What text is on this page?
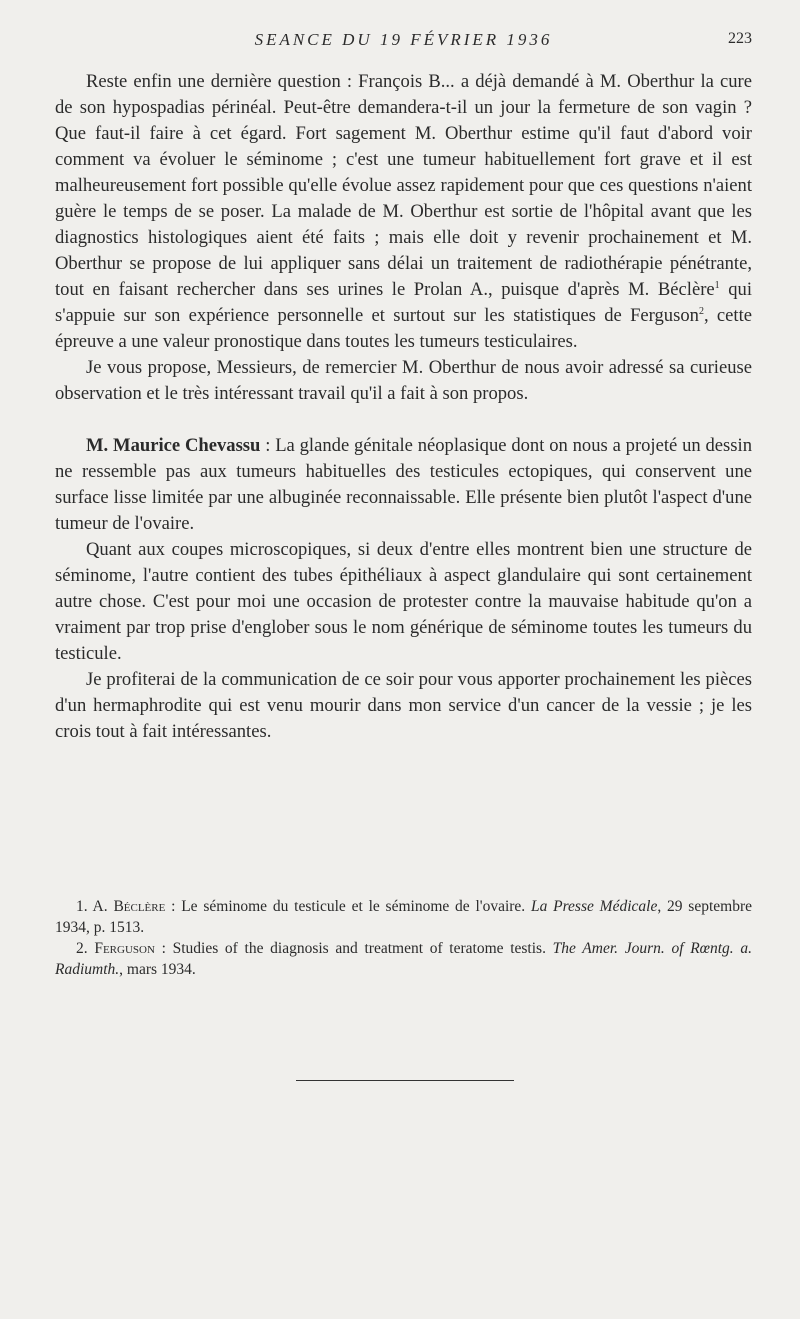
SEANCE DU 19 FÉVRIER 1936	223

Reste enfin une dernière question : François B... a déjà demandé à M. Oberthur la cure de son hypospadias périnéal. Peut-être demandera-t-il un jour la fermeture de son vagin ? Que faut-il faire à cet égard. Fort sagement M. Oberthur estime qu'il faut d'abord voir comment va évoluer le séminome ; c'est une tumeur habituellement fort grave et il est malheureusement fort possible qu'elle évolue assez rapidement pour que ces questions n'aient guère le temps de se poser. La malade de M. Oberthur est sortie de l'hôpital avant que les diagnostics histologiques aient été faits ; mais elle doit y revenir prochainement et M. Oberthur se propose de lui appliquer sans délai un traitement de radiothérapie pénétrante, tout en faisant rechercher dans ses urines le Prolan A., puisque d'après M. Béclère$^1$ qui s'appuie sur son expérience personnelle et surtout sur les statistiques de Ferguson$^2$, cette épreuve a une valeur pronostique dans toutes les tumeurs testiculaires.

Je vous propose, Messieurs, de remercier M. Oberthur de nous avoir adressé sa curieuse observation et le très intéressant travail qu'il a fait à son propos.

M. Maurice Chevassu : La glande génitale néoplasique dont on nous a projeté un dessin ne ressemble pas aux tumeurs habituelles des testicules ectopiques, qui conservent une surface lisse limitée par une albuginée reconnaissable. Elle présente bien plutôt l'aspect d'une tumeur de l'ovaire.

Quant aux coupes microscopiques, si deux d'entre elles montrent bien une structure de séminome, l'autre contient des tubes épithéliaux à aspect glandulaire qui sont certainement autre chose. C'est pour moi une occasion de protester contre la mauvaise habitude qu'on a vraiment par trop prise d'englober sous le nom générique de séminome toutes les tumeurs du testicule.

Je profiterai de la communication de ce soir pour vous apporter prochainement les pièces d'un hermaphrodite qui est venu mourir dans mon service d'un cancer de la vessie ; je les crois tout à fait intéressantes.

1. A. Béclère : Le séminome du testicule et le séminome de l'ovaire. La Presse Médicale, 29 septembre 1934, p. 1513.

2. Ferguson : Studies of the diagnosis and treatment of teratome testis. The Amer. Journ. of Rœntg. a. Radiumth., mars 1934.
